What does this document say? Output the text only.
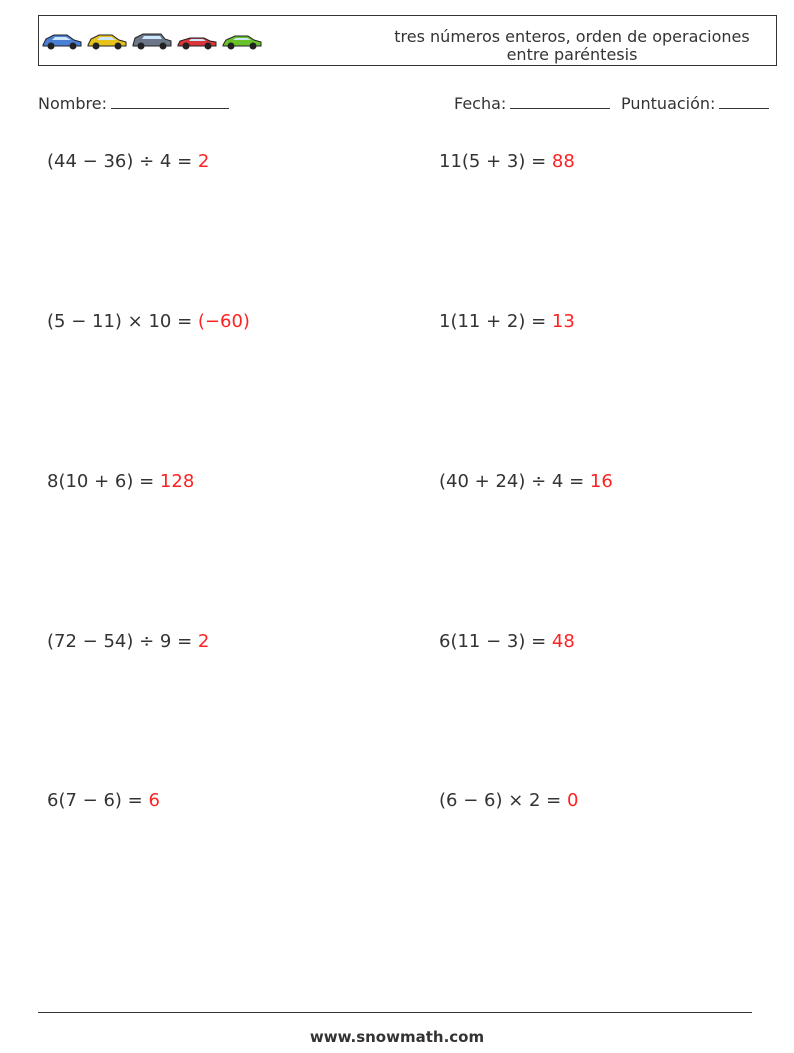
tres números enteros, orden de operaciones
entre paréntesis
Nombre:	Fecha:	Puntuación:
(44 − 36) ÷ 4 = 2	11(5 + 3) = 88
(5 − 11) × 10 = (−60)	1(11 + 2) = 13
8(10 + 6) = 128	(40 + 24) ÷ 4 = 16
(72 − 54) ÷ 9 = 2	6(11 − 3) = 48
6(7 − 6) = 6	(6 − 6) × 2 = 0
www.snowmath.com
